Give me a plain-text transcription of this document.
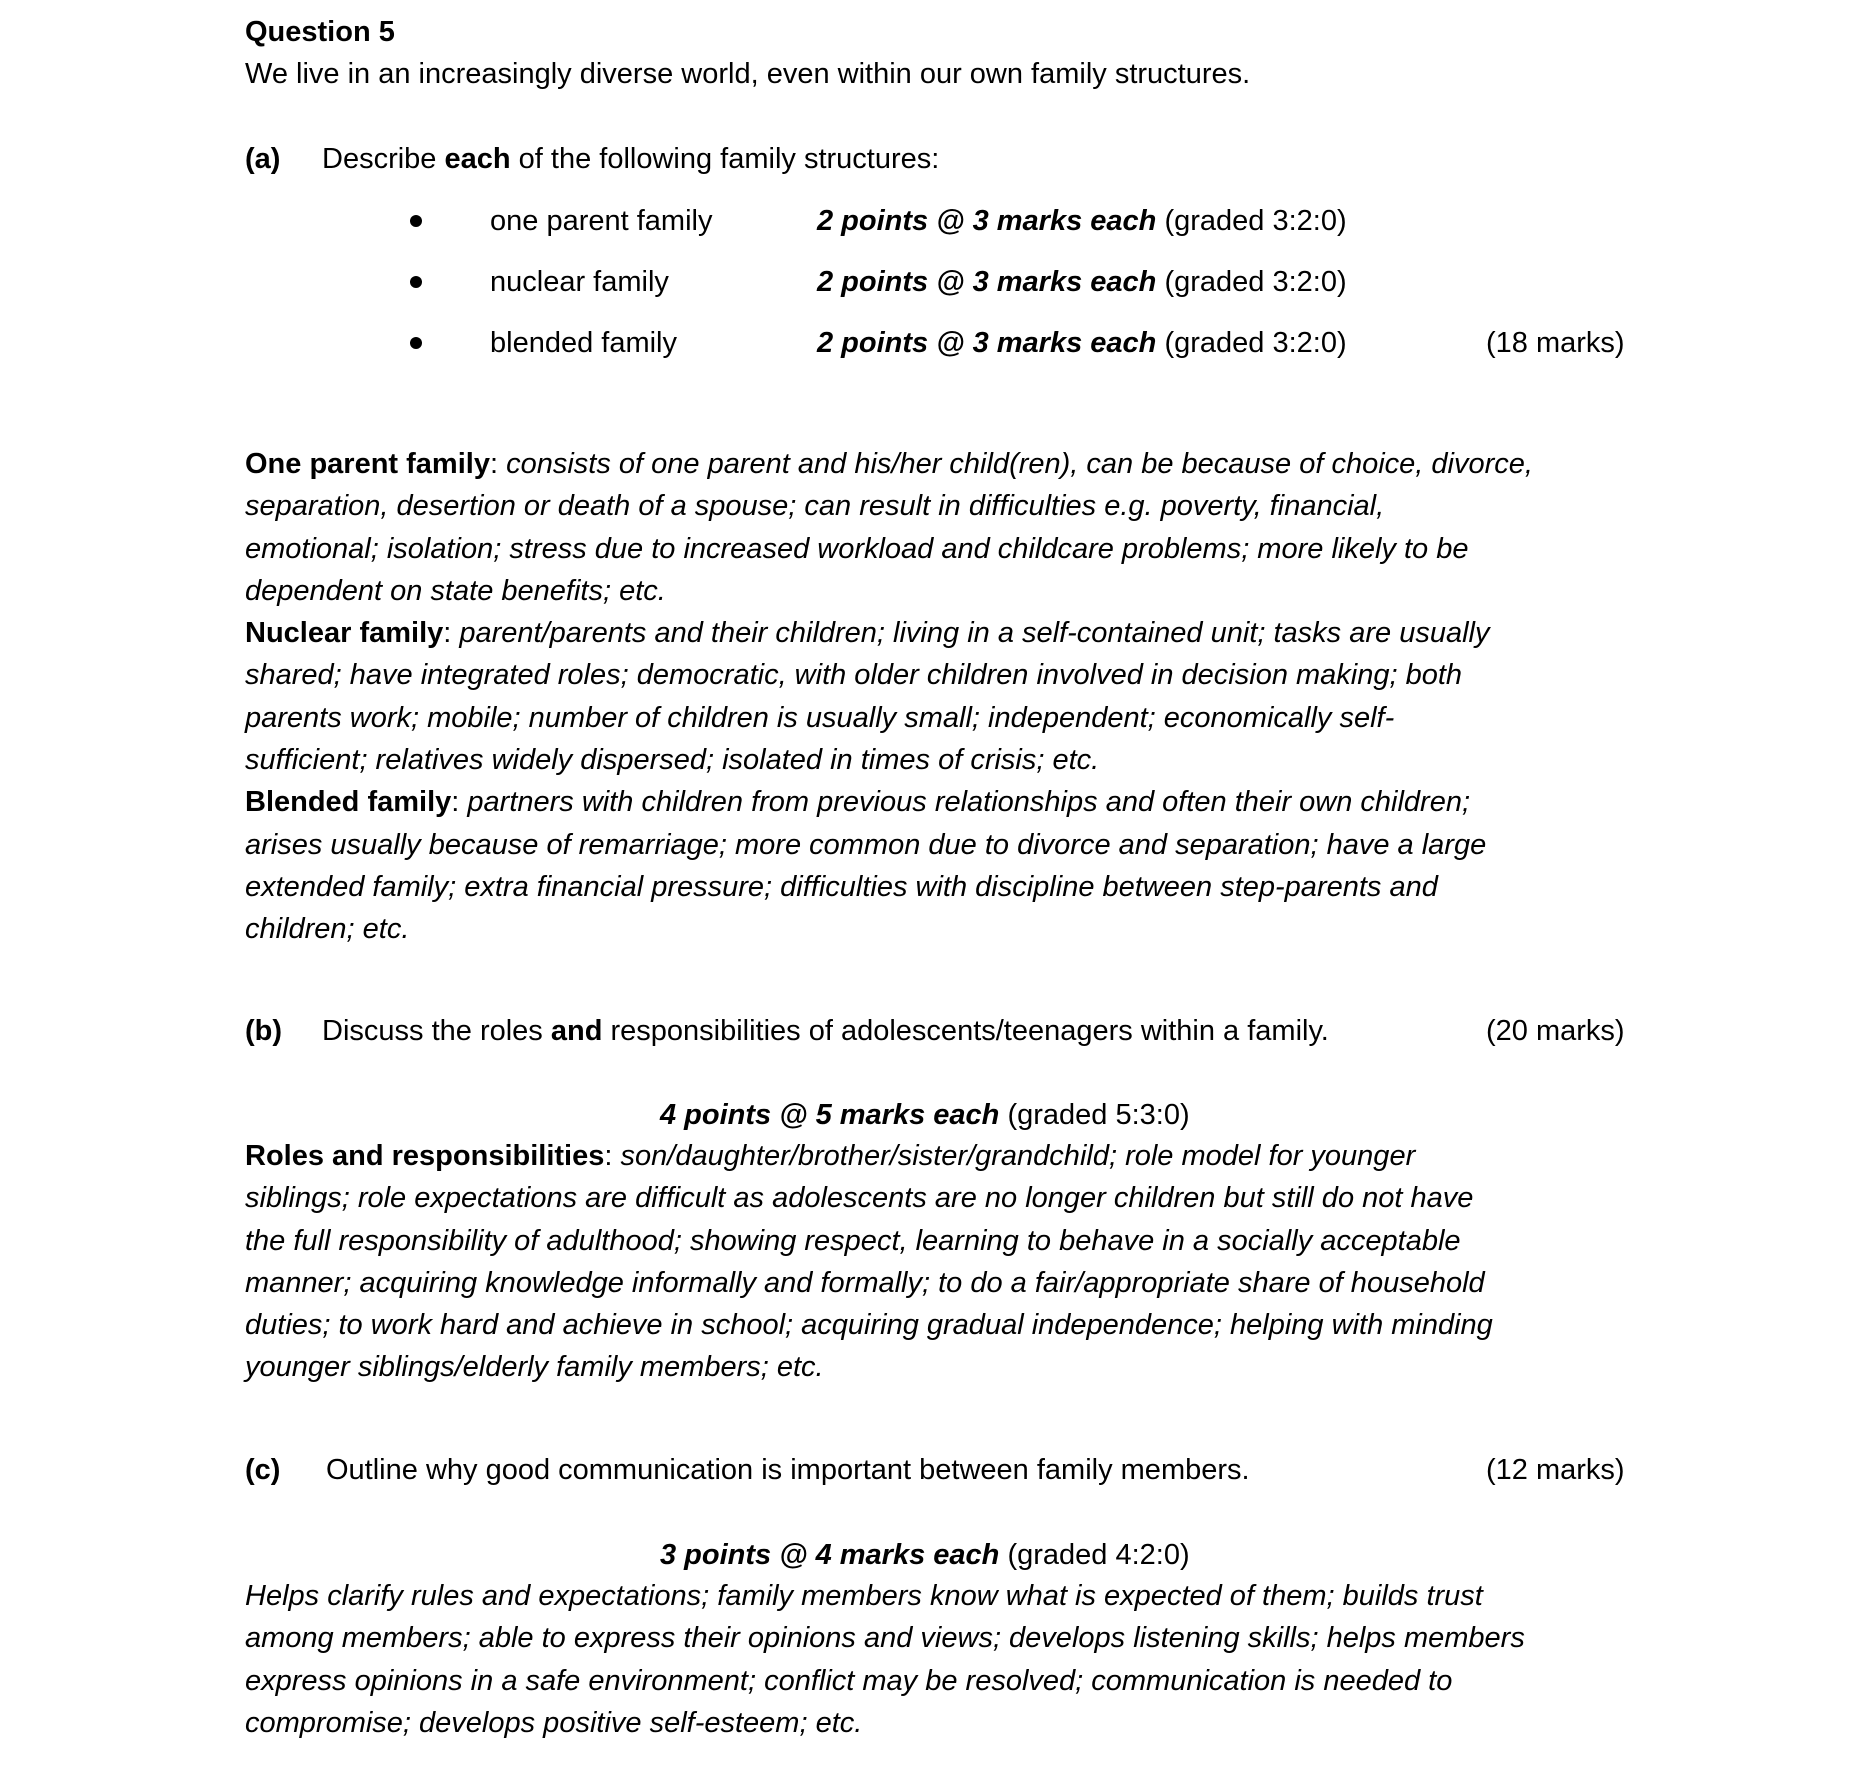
Question 5
We live in an increasingly diverse world, even within our own family structures.
(a) Describe each of the following family structures:
one parent family	2 points @ 3 marks each (graded 3:2:0)
nuclear family	2 points @ 3 marks each (graded 3:2:0)
blended family	2 points @ 3 marks each (graded 3:2:0)	(18 marks)
One parent family: consists of one parent and his/her child(ren), can be because of choice, divorce,
separation, desertion or death of a spouse; can result in difficulties e.g. poverty, financial,
emotional; isolation; stress due to increased workload and childcare problems; more likely to be
dependent on state benefits; etc.
Nuclear family: parent/parents and their children; living in a self-contained unit; tasks are usually
shared; have integrated roles; democratic, with older children involved in decision making; both
parents work; mobile; number of children is usually small; independent; economically self-
sufficient; relatives widely dispersed; isolated in times of crisis; etc.
Blended family: partners with children from previous relationships and often their own children;
arises usually because of remarriage; more common due to divorce and separation; have a large
extended family; extra financial pressure; difficulties with discipline between step-parents and
children; etc.
(b) Discuss the roles and responsibilities of adolescents/teenagers within a family.	(20 marks)
4 points @ 5 marks each (graded 5:3:0)
Roles and responsibilities: son/daughter/brother/sister/grandchild; role model for younger
siblings; role expectations are difficult as adolescents are no longer children but still do not have
the full responsibility of adulthood; showing respect, learning to behave in a socially acceptable
manner; acquiring knowledge informally and formally; to do a fair/appropriate share of household
duties; to work hard and achieve in school; acquiring gradual independence; helping with minding
younger siblings/elderly family members; etc.
(c) Outline why good communication is important between family members.	(12 marks)
3 points @ 4 marks each (graded 4:2:0)
Helps clarify rules and expectations; family members know what is expected of them; builds trust
among members; able to express their opinions and views; develops listening skills; helps members
express opinions in a safe environment; conflict may be resolved; communication is needed to
compromise; develops positive self-esteem; etc.
